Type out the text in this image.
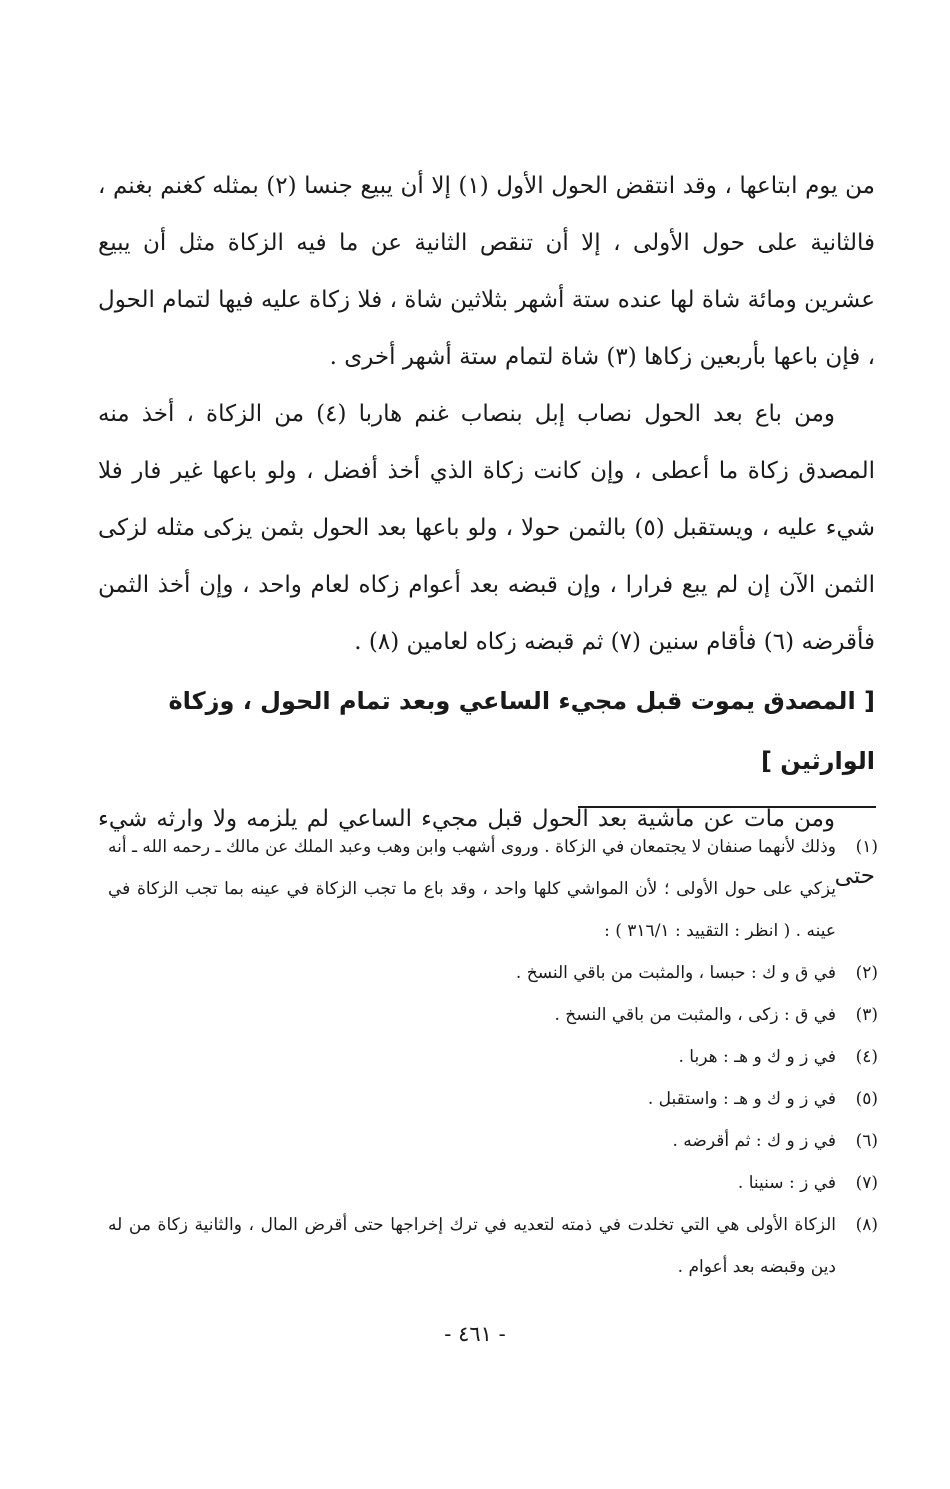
من يوم ابتاعها ، وقد انتقض الحول الأول (١) إلا أن يبيع جنسا (٢) بمثله كغنم بغنم ، فالثانية على حول الأولى ، إلا أن تنقص الثانية عن ما فيه الزكاة مثل أن يبيع عشرين ومائة شاة لها عنده ستة أشهر بثلاثين شاة ، فلا زكاة عليه فيها لتمام الحول ، فإن باعها بأربعين زكاها (٣) شاة لتمام ستة أشهر أخرى .

ومن باع بعد الحول نصاب إبل بنصاب غنم هاربا (٤) من الزكاة ، أخذ منه المصدق زكاة ما أعطى ، وإن كانت زكاة الذي أخذ أفضل ، ولو باعها غير فار فلا شيء عليه ، ويستقبل (٥) بالثمن حولا ، ولو باعها بعد الحول بثمن يزكى مثله لزكى الثمن الآن إن لم يبع فرارا ، وإن قبضه بعد أعوام زكاه لعام واحد ، وإن أخذ الثمن فأقرضه (٦) فأقام سنين (٧) ثم قبضه زكاه لعامين (٨) .

[ المصدق يموت قبل مجيء الساعي وبعد تمام الحول ، وزكاة الوارثين ]

ومن مات عن ماشية بعد الحول قبل مجيء الساعي لم يلزمه ولا وارثه شيء حتى

(١)
وذلك لأنهما صنفان لا يجتمعان في الزكاة . وروى أشهب وابن وهب وعبد الملك عن مالك ـ رحمه الله ـ أنه يزكي على حول الأولى ؛ لأن المواشي كلها واحد ، وقد باع ما تجب الزكاة في عينه بما تجب الزكاة في عينه . ( انظر : التقييد : ٣١٦/١ ) :
(٢)
في ق و ك : حبسا ، والمثبت من باقي النسخ .
(٣)
في ق : زكى ، والمثبت من باقي النسخ .
(٤)
في ز و ك و هـ : هربا .
(٥)
في ز و ك و هـ : واستقبل .
(٦)
في ز و ك : ثم أقرضه .
(٧)
في ز : سنينا .
(٨)
الزكاة الأولى هي التي تخلدت في ذمته لتعديه في ترك إخراجها حتى أقرض المال ، والثانية زكاة من له دين وقبضه بعد أعوام .
- ٤٦١ -
